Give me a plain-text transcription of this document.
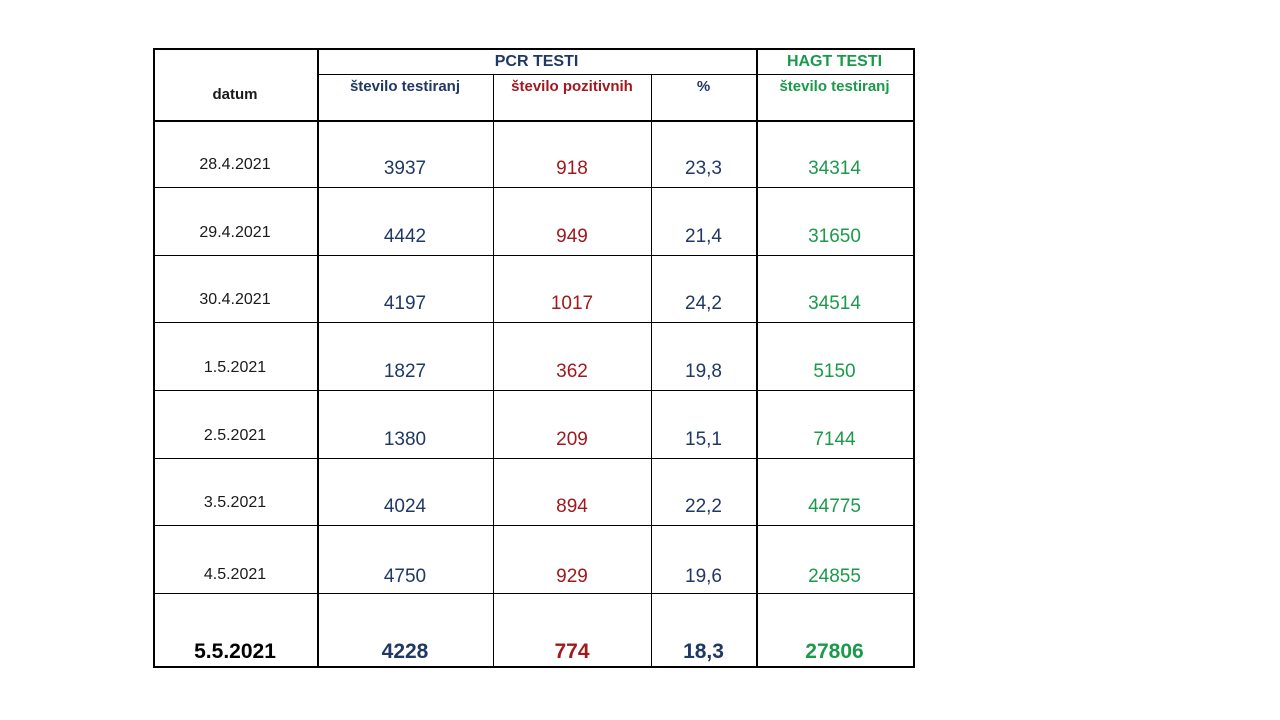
datum
PCR TESTI	HAGT TESTI
število testiranj	število pozitivnih	%	število testiranj
28.4.2021	3937	918	23,3	34314
29.4.2021	4442	949	21,4	31650
30.4.2021	4197	1017	24,2	34514
1.5.2021	1827	362	19,8	5150
2.5.2021	1380	209	15,1	7144
3.5.2021	4024	894	22,2	44775
4.5.2021	4750	929	19,6	24855
5.5.2021	4228	774	18,3	27806
